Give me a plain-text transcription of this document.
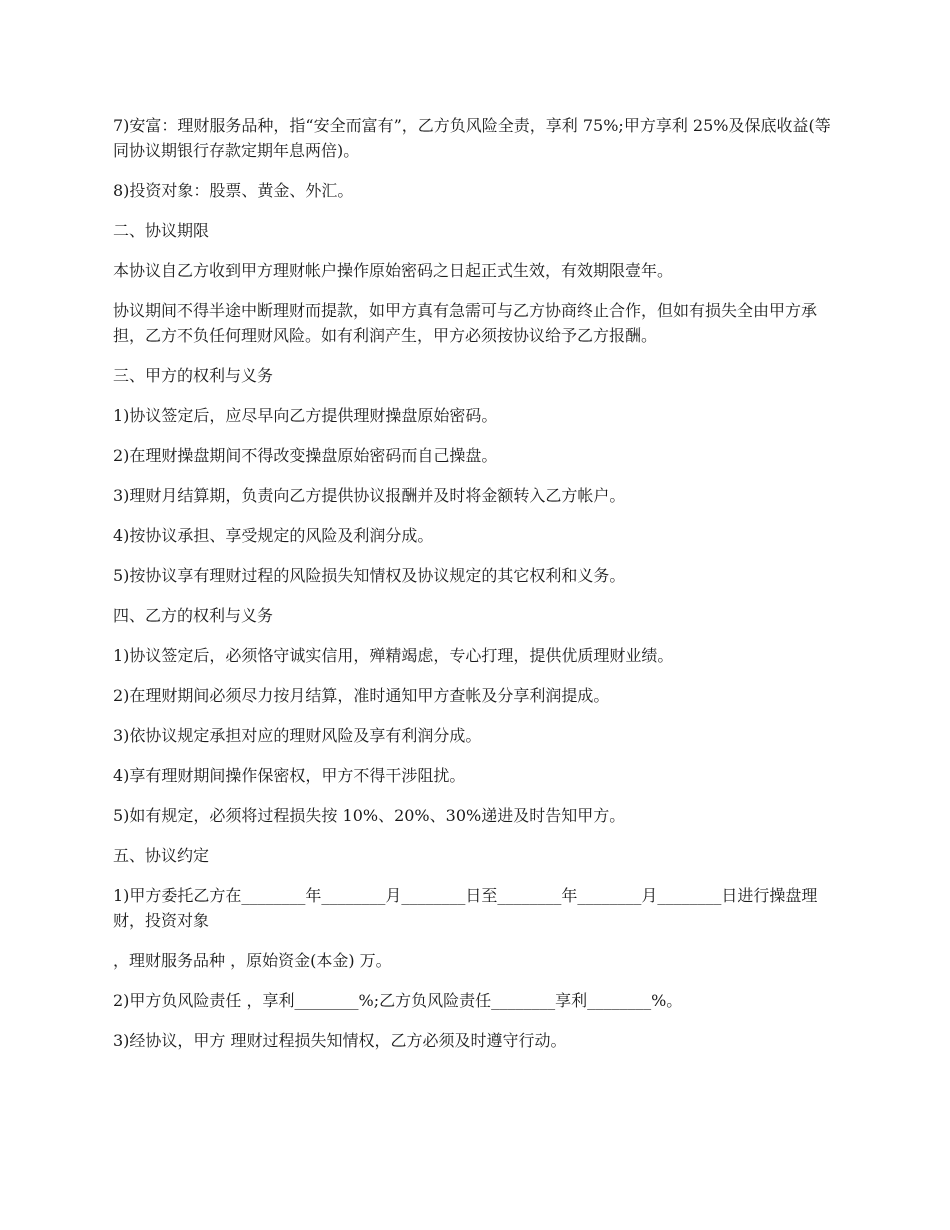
7)安富：理财服务品种，指“安全而富有”，乙方负风险全责，享利 75%;甲方享利 25%及保底收益(等同协议期银行存款定期年息两倍)。

8)投资对象：股票、黄金、外汇。

二、协议期限

本协议自乙方收到甲方理财帐户操作原始密码之日起正式生效，有效期限壹年。

协议期间不得半途中断理财而提款，如甲方真有急需可与乙方协商终止合作，但如有损失全由甲方承担，乙方不负任何理财风险。如有利润产生，甲方必须按协议给予乙方报酬。

三、甲方的权利与义务

1)协议签定后，应尽早向乙方提供理财操盘原始密码。

2)在理财操盘期间不得改变操盘原始密码而自己操盘。

3)理财月结算期，负责向乙方提供协议报酬并及时将金额转入乙方帐户。

4)按协议承担、享受规定的风险及利润分成。

5)按协议享有理财过程的风险损失知情权及协议规定的其它权利和义务。

四、乙方的权利与义务

1)协议签定后，必须恪守诚实信用，殚精竭虑，专心打理，提供优质理财业绩。

2)在理财期间必须尽力按月结算，准时通知甲方查帐及分享利润提成。

3)依协议规定承担对应的理财风险及享有利润分成。

4)享有理财期间操作保密权，甲方不得干涉阻扰。

5)如有规定，必须将过程损失按 10%、20%、30%递进及时告知甲方。

五、协议约定

1)甲方委托乙方在________年________月________日至________年________月________日进行操盘理财，投资对象

，理财服务品种 ，原始资金(本金) 万。

2)甲方负风险责任 ，享利________%;乙方负风险责任________享利________%。

3)经协议，甲方 理财过程损失知情权，乙方必须及时遵守行动。
